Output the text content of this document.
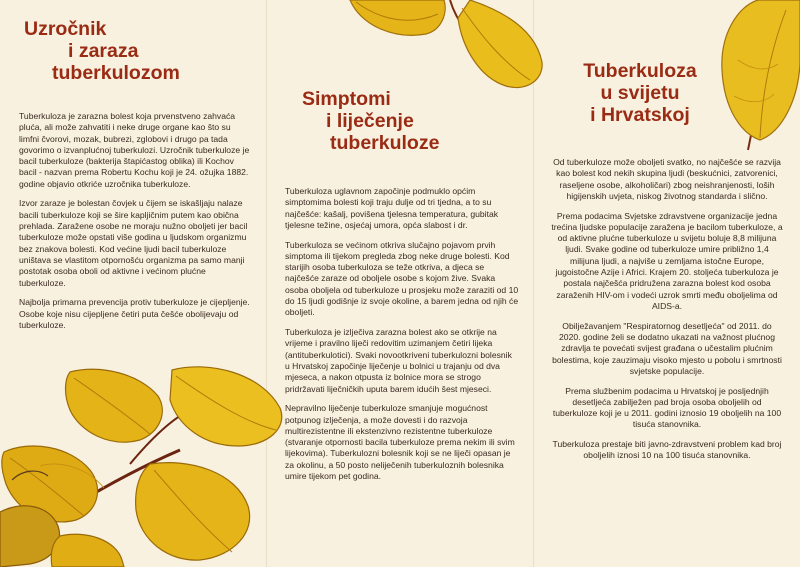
Uzročnik
i zaraza
tuberkulozom

Tuberkuloza je zarazna bolest koja prvenstveno zahvaća pluća, ali može zahvatiti i neke druge organe kao što su limfni čvorovi, mozak, bubrezi, zglobovi i drugo pa tada govorimo o izvanplućnoj tuberkulozi. Uzročnik tuberkuloze je bacil tuberkuloze (bakterija štapićastog oblika) ili Kochov bacil - nazvan prema Robertu Kochu koji je 24. ožujka 1882. godine objavio otkriće uzročnika tuberkuloze.

Izvor zaraze je bolestan čovjek u čijem se iskašljaju nalaze bacili tuberkuloze koji se šire kapljičnim putem kao obična prehlada. Zaražene osobe ne moraju nužno oboljeti jer bacil tuberkuloze može opstati više godina u ljudskom organizmu bez znakova bolesti. Kod većine ljudi bacil tuberkuloze uništava se vlastitom otpornošću organizma pa samo manji postotak osoba oboli od aktivne i većinom plućne tuberkuloze.

Najbolja primarna prevencija protiv tuberkuloze je cijepljenje. Osobe koje nisu cijepljene četiri puta češće obolijevaju od tuberkuloze.

Simptomi
i liječenje
tuberkuloze

Tuberkuloza uglavnom započinje podmuklo općim simptomima bolesti koji traju dulje od tri tjedna, a to su najčešće: kašalj, povišena tjelesna temperatura, gubitak tjelesne težine, osjećaj umora, opća slabost i dr.

Tuberkuloza se većinom otkriva slučajno pojavom prvih simptoma ili tijekom pregleda zbog neke druge bolesti. Kod starijih osoba tuberkuloza se teže otkriva, a djeca se najčešće zaraze od oboljele osobe s kojom žive. Svaka osoba oboljela od tuberkuloze u prosjeku može zaraziti od 10 do 15 ljudi godišnje iz svoje okoline, a barem jedna od njih će oboljeti.

Tuberkuloza je izlječiva zarazna bolest ako se otkrije na vrijeme i pravilno liječi redovitim uzimanjem četiri lijeka (antituberkulotici). Svaki novootkriveni tuberkulozni bolesnik u Hrvatskoj započinje liječenje u bolnici u trajanju od dva mjeseca, a nakon otpusta iz bolnice mora se strogo pridržavati liječničkih uputa barem idućih šest mjeseci.

Nepravilno liječenje tuberkuloze smanjuje mogućnost potpunog izlječenja, a može dovesti i do razvoja multirezistentne ili ekstenzivno rezistentne tuberkuloze (stvaranje otpornosti bacila tuberkuloze prema nekim ili svim lijekovima). Tuberkulozni bolesnik koji se ne liječi opasan je za okolinu, a 50 posto neliječenih tuberkuloznih bolesnika umire tijekom pet godina.

Tuberkuloza
u svijetu
i Hrvatskoj

Od tuberkuloze može oboljeti svatko, no najčešće se razvija kao bolest kod nekih skupina ljudi (beskućnici, zatvorenici, raseljene osobe, alkoholičari) zbog neishranjenosti, loših higijenskih uvjeta, niskog životnog standarda i slično.

Prema podacima Svjetske zdravstvene organizacije jedna trećina ljudske populacije zaražena je bacilom tuberkuloze, a od aktivne plućne tuberkuloze u svijetu boluje 8,8 milijuna ljudi. Svake godine od tuberkuloze umire približno 1,4 milijuna ljudi, a najviše u zemljama istočne Europe, jugoistočne Azije i Africi. Krajem 20. stoljeća tuberkuloza je postala najčešća pridružena zarazna bolest kod osoba zaraženih HIV-om i vodeći uzrok smrti među oboljelima od AIDS-a.

Obilježavanjem "Respiratornog desetljeća" od 2011. do 2020. godine želi se dodatno ukazati na važnost plućnog zdravlja te povećati svijest građana o učestalim plućnim bolestima, koje zauzimaju visoko mjesto u pobolu i smrtnosti svjetske populacije.

Prema službenim podacima u Hrvatskoj je posljednjih desetljeća zabilježen pad broja osoba oboljelih od tuberkuloze koji je u 2011. godini iznosio 19 oboljelih na 100 tisuća stanovnika.

Tuberkuloza prestaje biti javno-zdravstveni problem kad broj oboljelih iznosi 10 na 100 tisuća stanovnika.
